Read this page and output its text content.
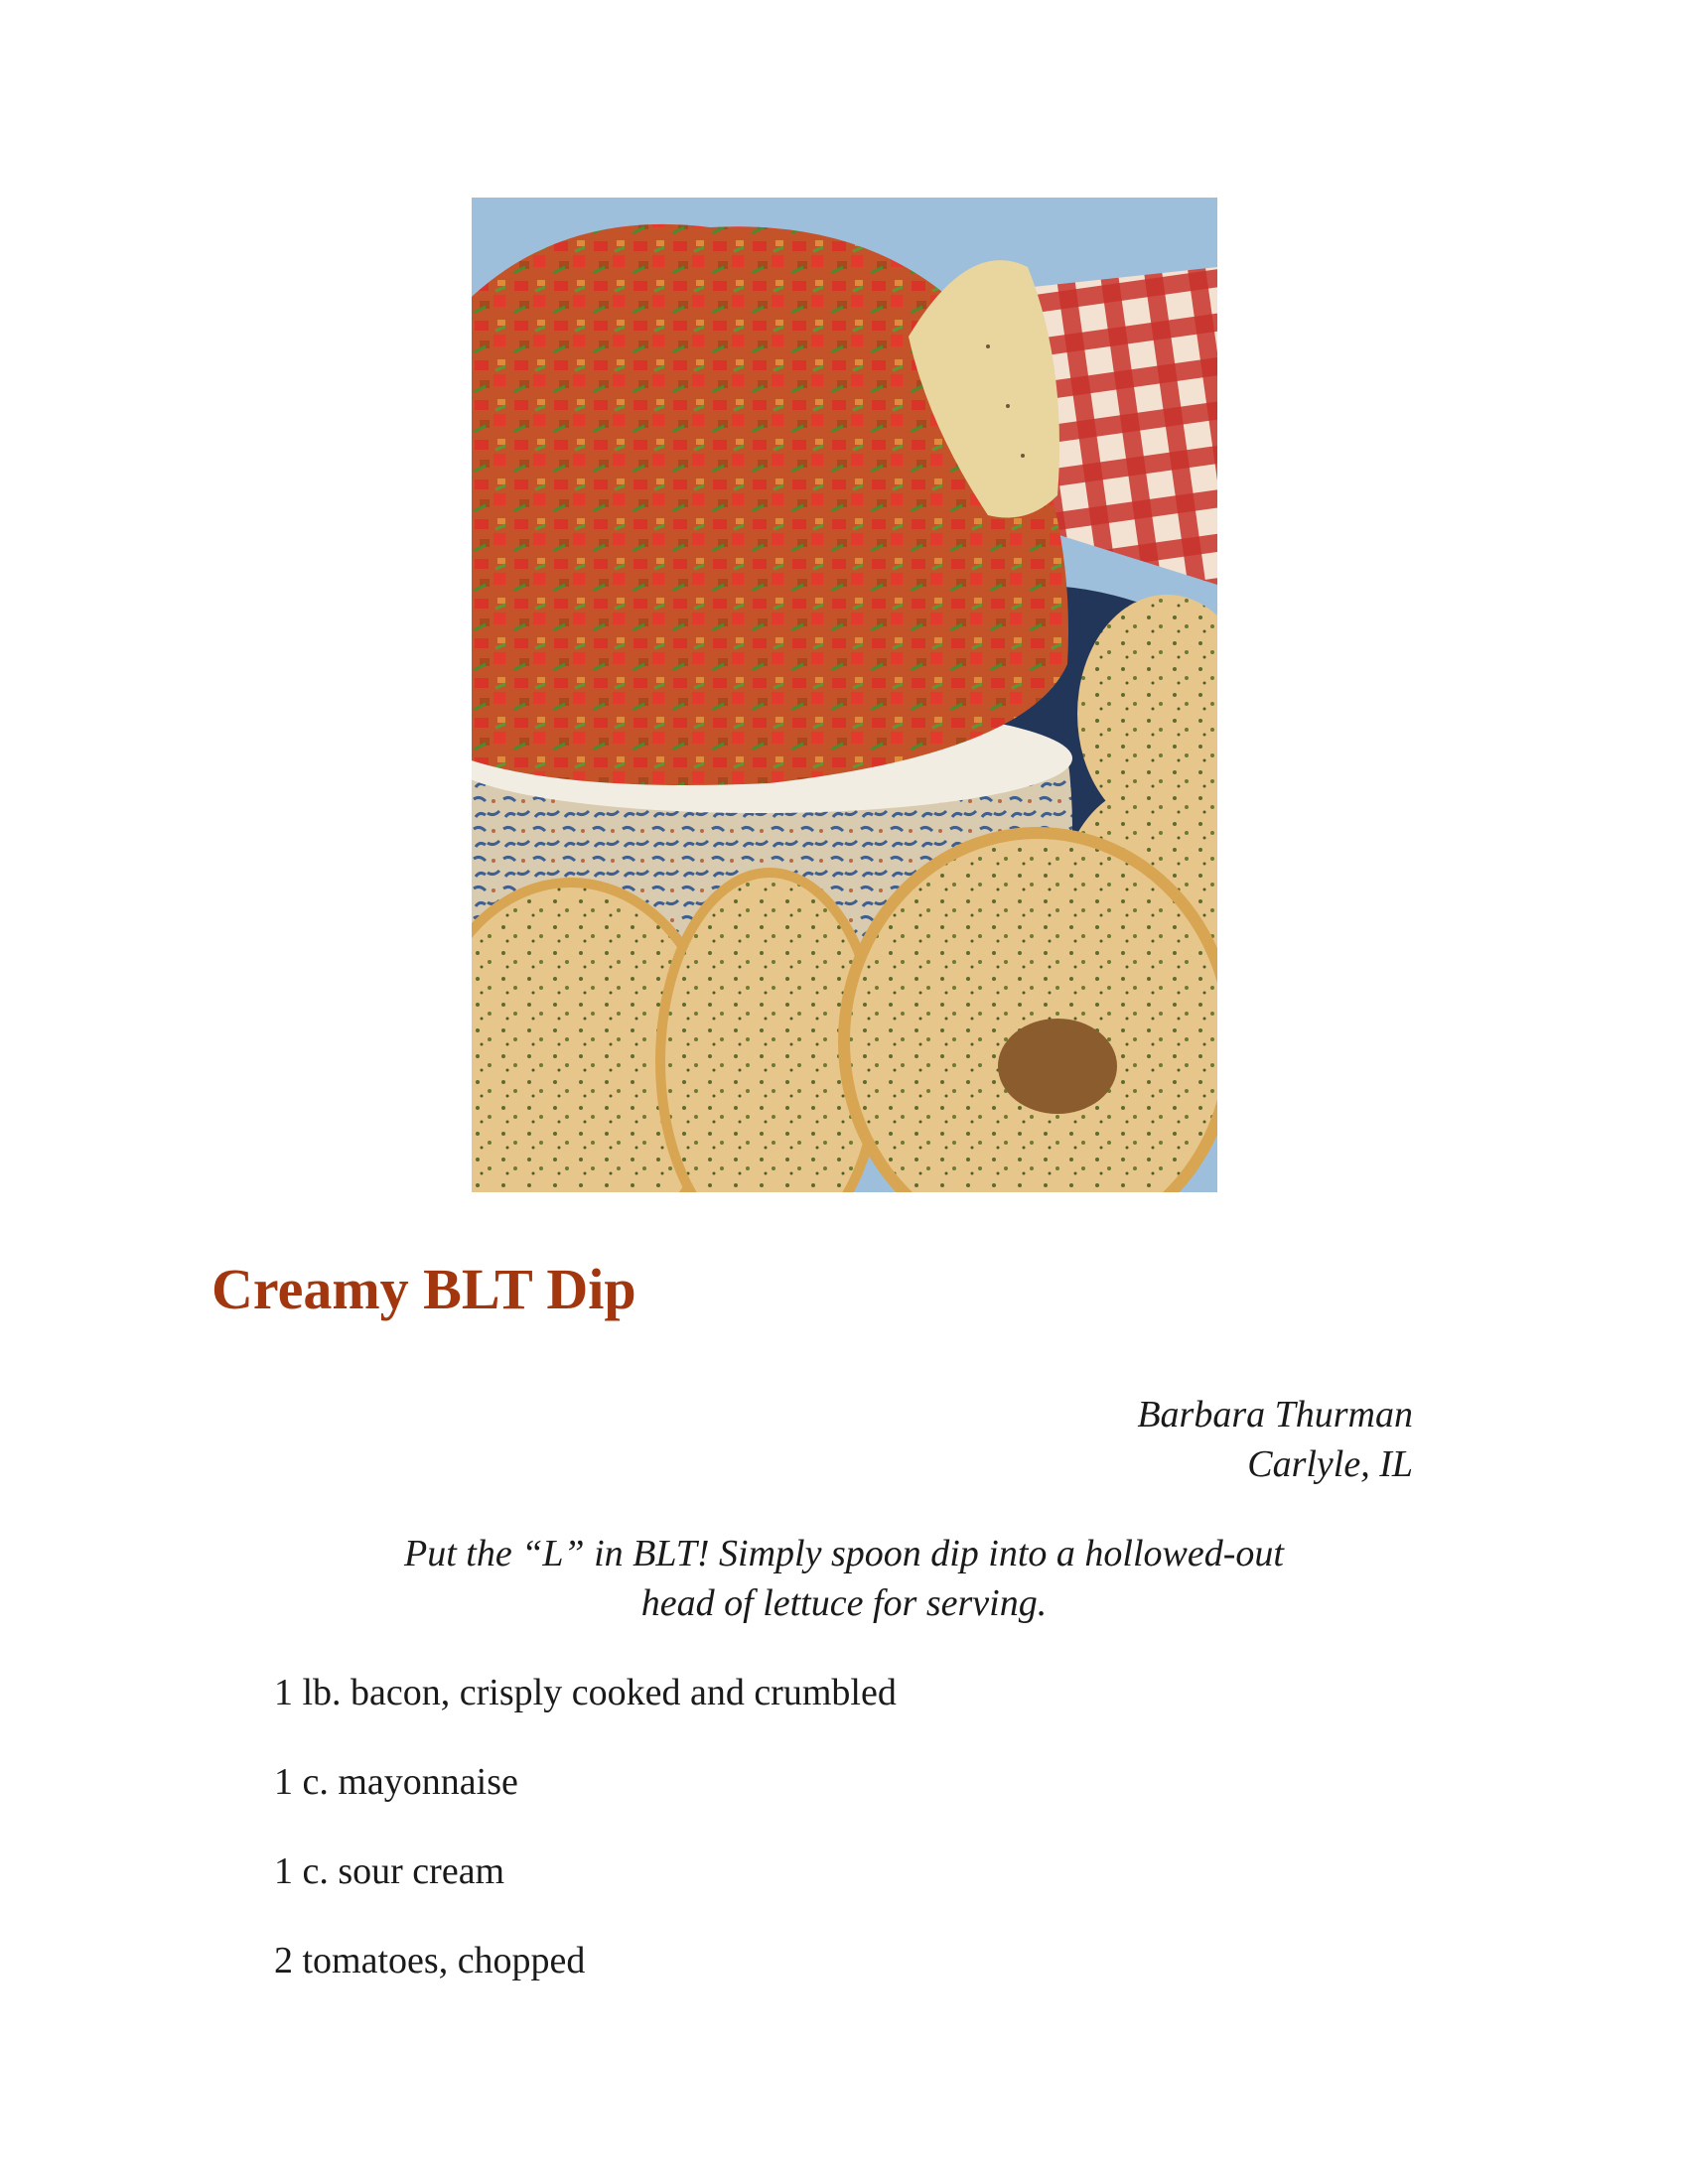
Creamy BLT Dip
Barbara Thurman
Carlyle, IL
Put the “L” in BLT! Simply spoon dip into a hollowed-out
head of lettuce for serving.
1 lb. bacon, crisply cooked and crumbled
1 c. mayonnaise
1 c. sour cream
2 tomatoes, chopped
